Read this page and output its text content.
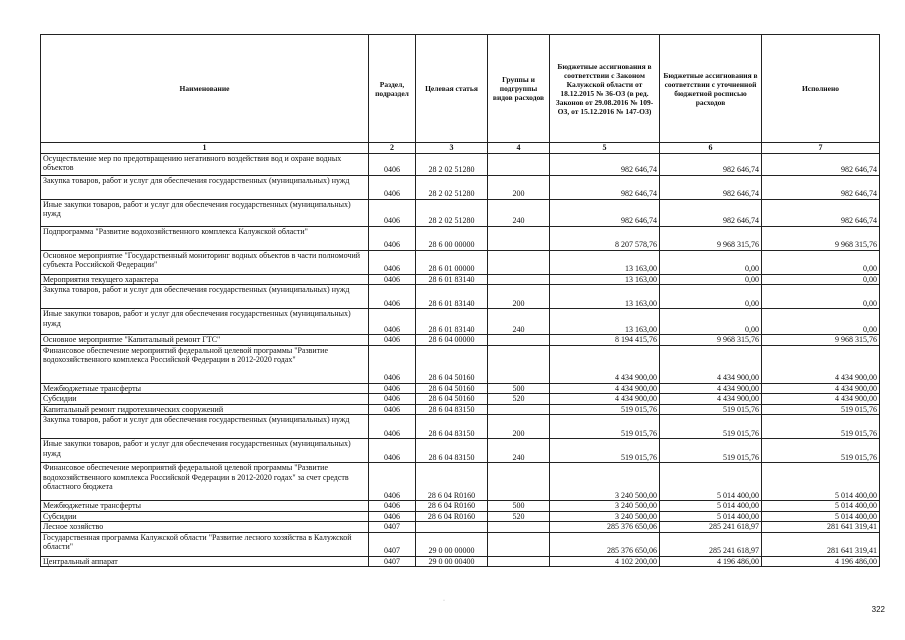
Наименование	Раздел, подраздел	Целевая статья	Группы и подгруппы видов расходов	Бюджетные ассигнования в соответствии с Законом Калужской области от 18.12.2015 № 36-ОЗ (в ред. Законов от 29.08.2016 № 109-ОЗ, от 15.12.2016 № 147-ОЗ)	Бюджетные ассигнования в соответствии с уточненной бюджетной росписью расходов	Исполнено
1	2	3	4	5	6	7
Осуществление мер по предотвращению негативного воздействия вод и охране водных объектов	0406	28 2 02 51280		982 646,74	982 646,74	982 646,74
Закупка товаров, работ и услуг для обеспечения государственных (муниципальных) нужд	0406	28 2 02 51280	200	982 646,74	982 646,74	982 646,74
Иные закупки товаров, работ и услуг для обеспечения государственных (муниципальных) нужд	0406	28 2 02 51280	240	982 646,74	982 646,74	982 646,74
Подпрограмма "Развитие водохозяйственного комплекса Калужской области"	0406	28 6 00 00000		8 207 578,76	9 968 315,76	9 968 315,76
Основное мероприятие "Государственный мониторинг водных объектов в части полномочий субъекта Российской Федерации"	0406	28 6 01 00000		13 163,00	0,00	0,00
Мероприятия текущего характера	0406	28 6 01 83140		13 163,00	0,00	0,00
Закупка товаров, работ и услуг для обеспечения государственных (муниципальных) нужд	0406	28 6 01 83140	200	13 163,00	0,00	0,00
Иные закупки товаров, работ и услуг для обеспечения государственных (муниципальных) нужд	0406	28 6 01 83140	240	13 163,00	0,00	0,00
Основное мероприятие "Капитальный ремонт ГТС"	0406	28 6 04 00000		8 194 415,76	9 968 315,76	9 968 315,76
Финансовое обеспечение мероприятий федеральной целевой программы "Развитие водохозяйственного комплекса Российской Федерации в 2012-2020 годах"	0406	28 6 04 50160		4 434 900,00	4 434 900,00	4 434 900,00
Межбюджетные трансферты	0406	28 6 04 50160	500	4 434 900,00	4 434 900,00	4 434 900,00
Субсидии	0406	28 6 04 50160	520	4 434 900,00	4 434 900,00	4 434 900,00
Капитальный ремонт гидротехнических сооружений	0406	28 6 04 83150		519 015,76	519 015,76	519 015,76
Закупка товаров, работ и услуг для обеспечения государственных (муниципальных) нужд	0406	28 6 04 83150	200	519 015,76	519 015,76	519 015,76
Иные закупки товаров, работ и услуг для обеспечения государственных (муниципальных) нужд	0406	28 6 04 83150	240	519 015,76	519 015,76	519 015,76
Финансовое обеспечение мероприятий федеральной целевой программы "Развитие водохозяйственного комплекса Российской Федерации в 2012-2020 годах" за счет средств областного бюджета	0406	28 6 04 R0160		3 240 500,00	5 014 400,00	5 014 400,00
Межбюджетные трансферты	0406	28 6 04 R0160	500	3 240 500,00	5 014 400,00	5 014 400,00
Субсидии	0406	28 6 04 R0160	520	3 240 500,00	5 014 400,00	5 014 400,00
Лесное хозяйство	0407			285 376 650,06	285 241 618,97	281 641 319,41
Государственная программа Калужской области "Развитие лесного хозяйства в Калужской области"	0407	29 0 00 00000		285 376 650,06	285 241 618,97	281 641 319,41
Центральный аппарат	0407	29 0 00 00400		4 102 200,00	4 196 486,00	4 196 486,00
·
322
